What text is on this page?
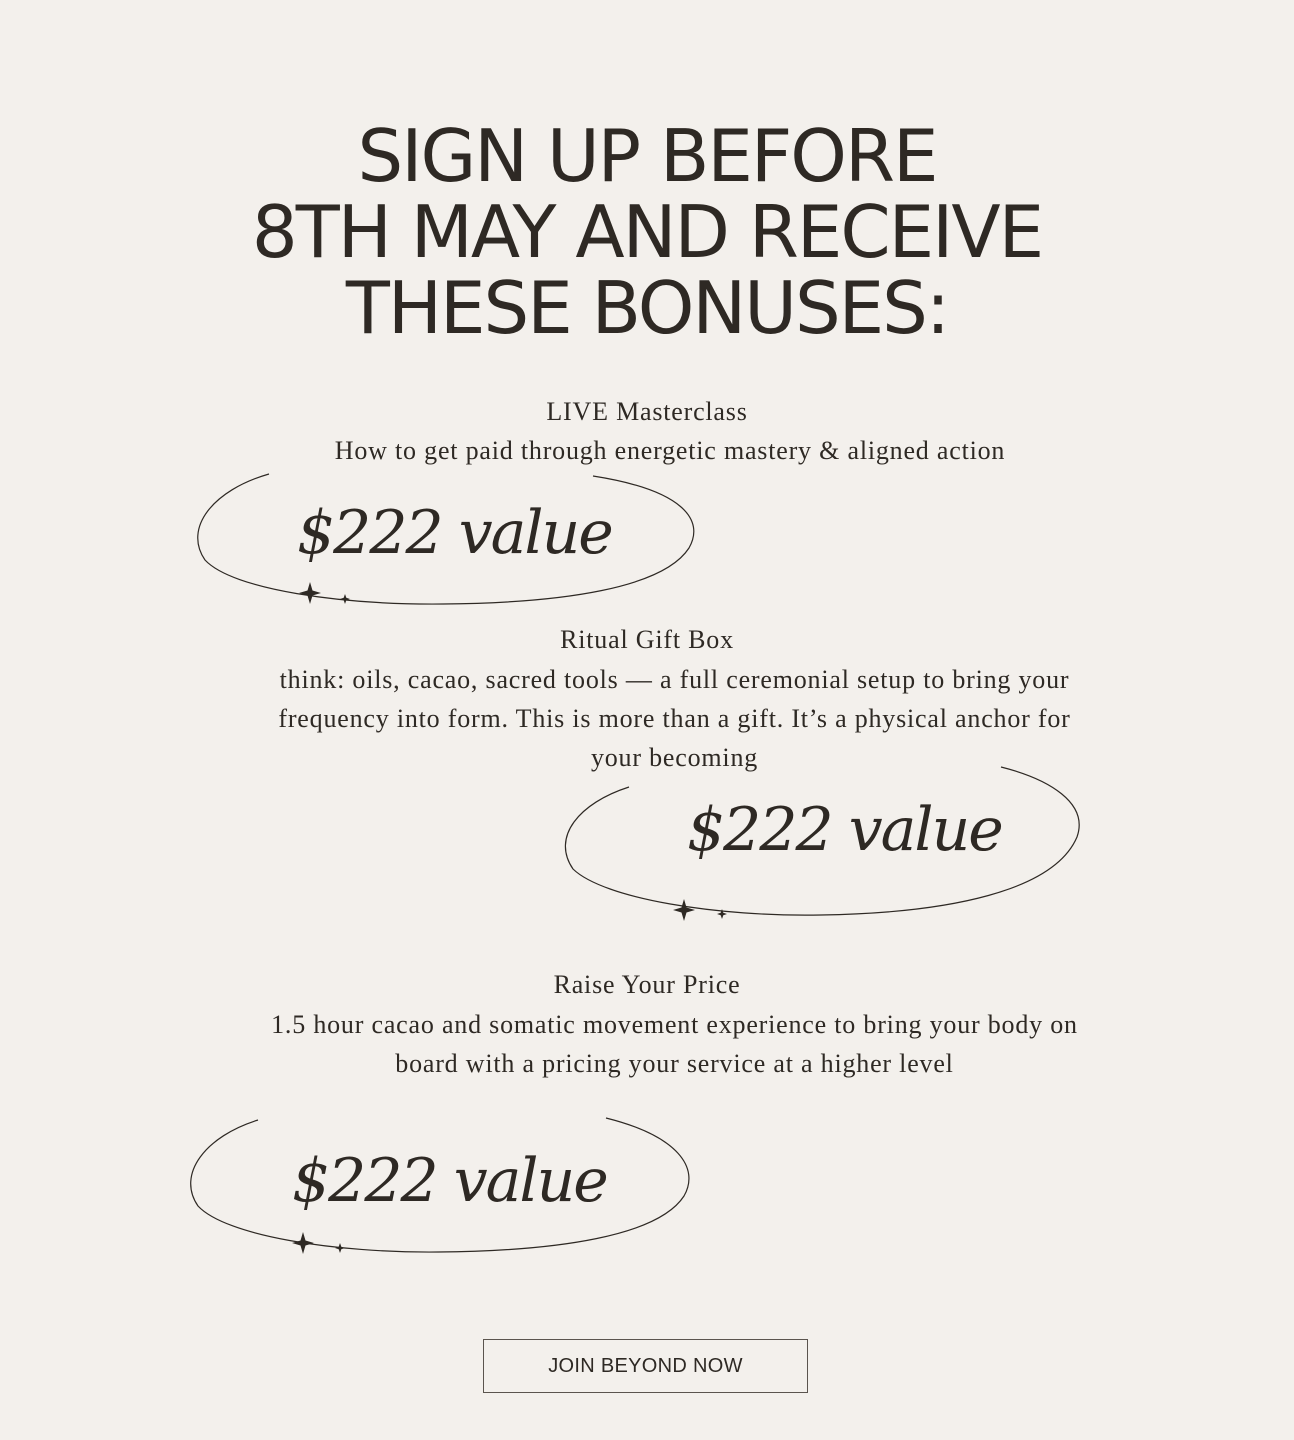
SIGN UP BEFORE
8TH MAY AND RECEIVE
THESE BONUSES:

LIVE Masterclass

How to get paid through energetic mastery & aligned action

$222 value

Ritual Gift Box

think: oils, cacao, sacred tools — a full ceremonial setup to bring your frequency into form. This is more than a gift. It’s a physical anchor for your becoming

$222 value

Raise Your Price

1.5 hour cacao and somatic movement experience to bring your body on board with a pricing your service at a higher level

$222 value
JOIN BEYOND NOW
